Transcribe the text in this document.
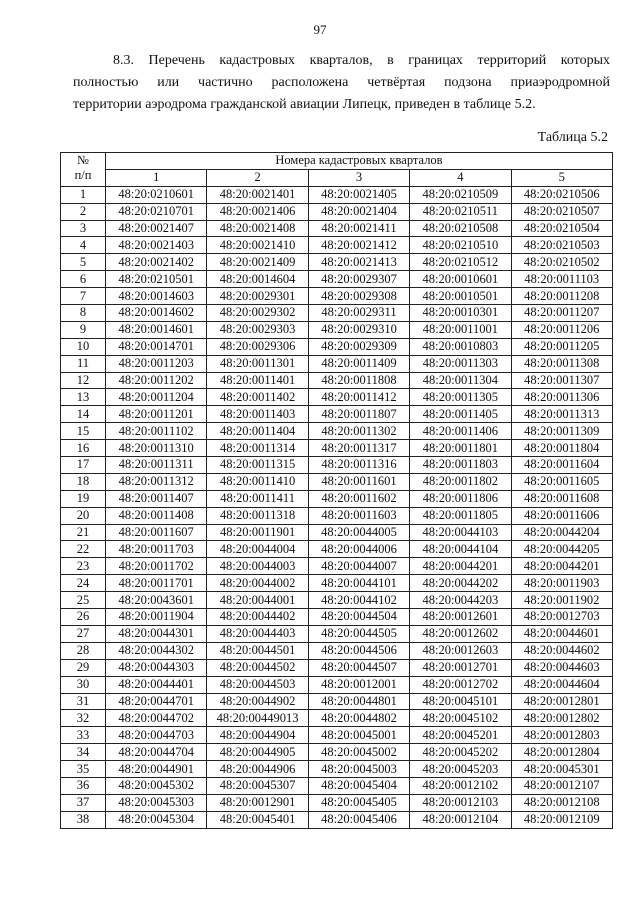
97
8.3. Перечень кадастровых кварталов, в границах территорий которых
полностью или частично расположена четвёртая подзона приаэродромной
территории аэродрома гражданской авиации Липецк, приведен в таблице 5.2.
Таблица 5.2
№
п/п	Номера кадастровых кварталов				
	1	2	3	4	5
1	48:20:0210601	48:20:0021401	48:20:0021405	48:20:0210509	48:20:0210506
2	48:20:0210701	48:20:0021406	48:20:0021404	48:20:0210511	48:20:0210507
3	48:20:0021407	48:20:0021408	48:20:0021411	48:20:0210508	48:20:0210504
4	48:20:0021403	48:20:0021410	48:20:0021412	48:20:0210510	48:20:0210503
5	48:20:0021402	48:20:0021409	48:20:0021413	48:20:0210512	48:20:0210502
6	48:20:0210501	48:20:0014604	48:20:0029307	48:20:0010601	48:20:0011103
7	48:20:0014603	48:20:0029301	48:20:0029308	48:20:0010501	48:20:0011208
8	48:20:0014602	48:20:0029302	48:20:0029311	48:20:0010301	48:20:0011207
9	48:20:0014601	48:20:0029303	48:20:0029310	48:20:0011001	48:20:0011206
10	48:20:0014701	48:20:0029306	48:20:0029309	48:20:0010803	48:20:0011205
11	48:20:0011203	48:20:0011301	48:20:0011409	48:20:0011303	48:20:0011308
12	48:20:0011202	48:20:0011401	48:20:0011808	48:20:0011304	48:20:0011307
13	48:20:0011204	48:20:0011402	48:20:0011412	48:20:0011305	48:20:0011306
14	48:20:0011201	48:20:0011403	48:20:0011807	48:20:0011405	48:20:0011313
15	48:20:0011102	48:20:0011404	48:20:0011302	48:20:0011406	48:20:0011309
16	48:20:0011310	48:20:0011314	48:20:0011317	48:20:0011801	48:20:0011804
17	48:20:0011311	48:20:0011315	48:20:0011316	48:20:0011803	48:20:0011604
18	48:20:0011312	48:20:0011410	48:20:0011601	48:20:0011802	48:20:0011605
19	48:20:0011407	48:20:0011411	48:20:0011602	48:20:0011806	48:20:0011608
20	48:20:0011408	48:20:0011318	48:20:0011603	48:20:0011805	48:20:0011606
21	48:20:0011607	48:20:0011901	48:20:0044005	48:20:0044103	48:20:0044204
22	48:20:0011703	48:20:0044004	48:20:0044006	48:20:0044104	48:20:0044205
23	48:20:0011702	48:20:0044003	48:20:0044007	48:20:0044201	48:20:0044201
24	48:20:0011701	48:20:0044002	48:20:0044101	48:20:0044202	48:20:0011903
25	48:20:0043601	48:20:0044001	48:20:0044102	48:20:0044203	48:20:0011902
26	48:20:0011904	48:20:0044402	48:20:0044504	48:20:0012601	48:20:0012703
27	48:20:0044301	48:20:0044403	48:20:0044505	48:20:0012602	48:20:0044601
28	48:20:0044302	48:20:0044501	48:20:0044506	48:20:0012603	48:20:0044602
29	48:20:0044303	48:20:0044502	48:20:0044507	48:20:0012701	48:20:0044603
30	48:20:0044401	48:20:0044503	48:20:0012001	48:20:0012702	48:20:0044604
31	48:20:0044701	48:20:0044902	48:20:0044801	48:20:0045101	48:20:0012801
32	48:20:0044702	48:20:00449013	48:20:0044802	48:20:0045102	48:20:0012802
33	48:20:0044703	48:20:0044904	48:20:0045001	48:20:0045201	48:20:0012803
34	48:20:0044704	48:20:0044905	48:20:0045002	48:20:0045202	48:20:0012804
35	48:20:0044901	48:20:0044906	48:20:0045003	48:20:0045203	48:20:0045301
36	48:20:0045302	48:20:0045307	48:20:0045404	48:20:0012102	48:20:0012107
37	48:20:0045303	48:20:0012901	48:20:0045405	48:20:0012103	48:20:0012108
38	48:20:0045304	48:20:0045401	48:20:0045406	48:20:0012104	48:20:0012109
